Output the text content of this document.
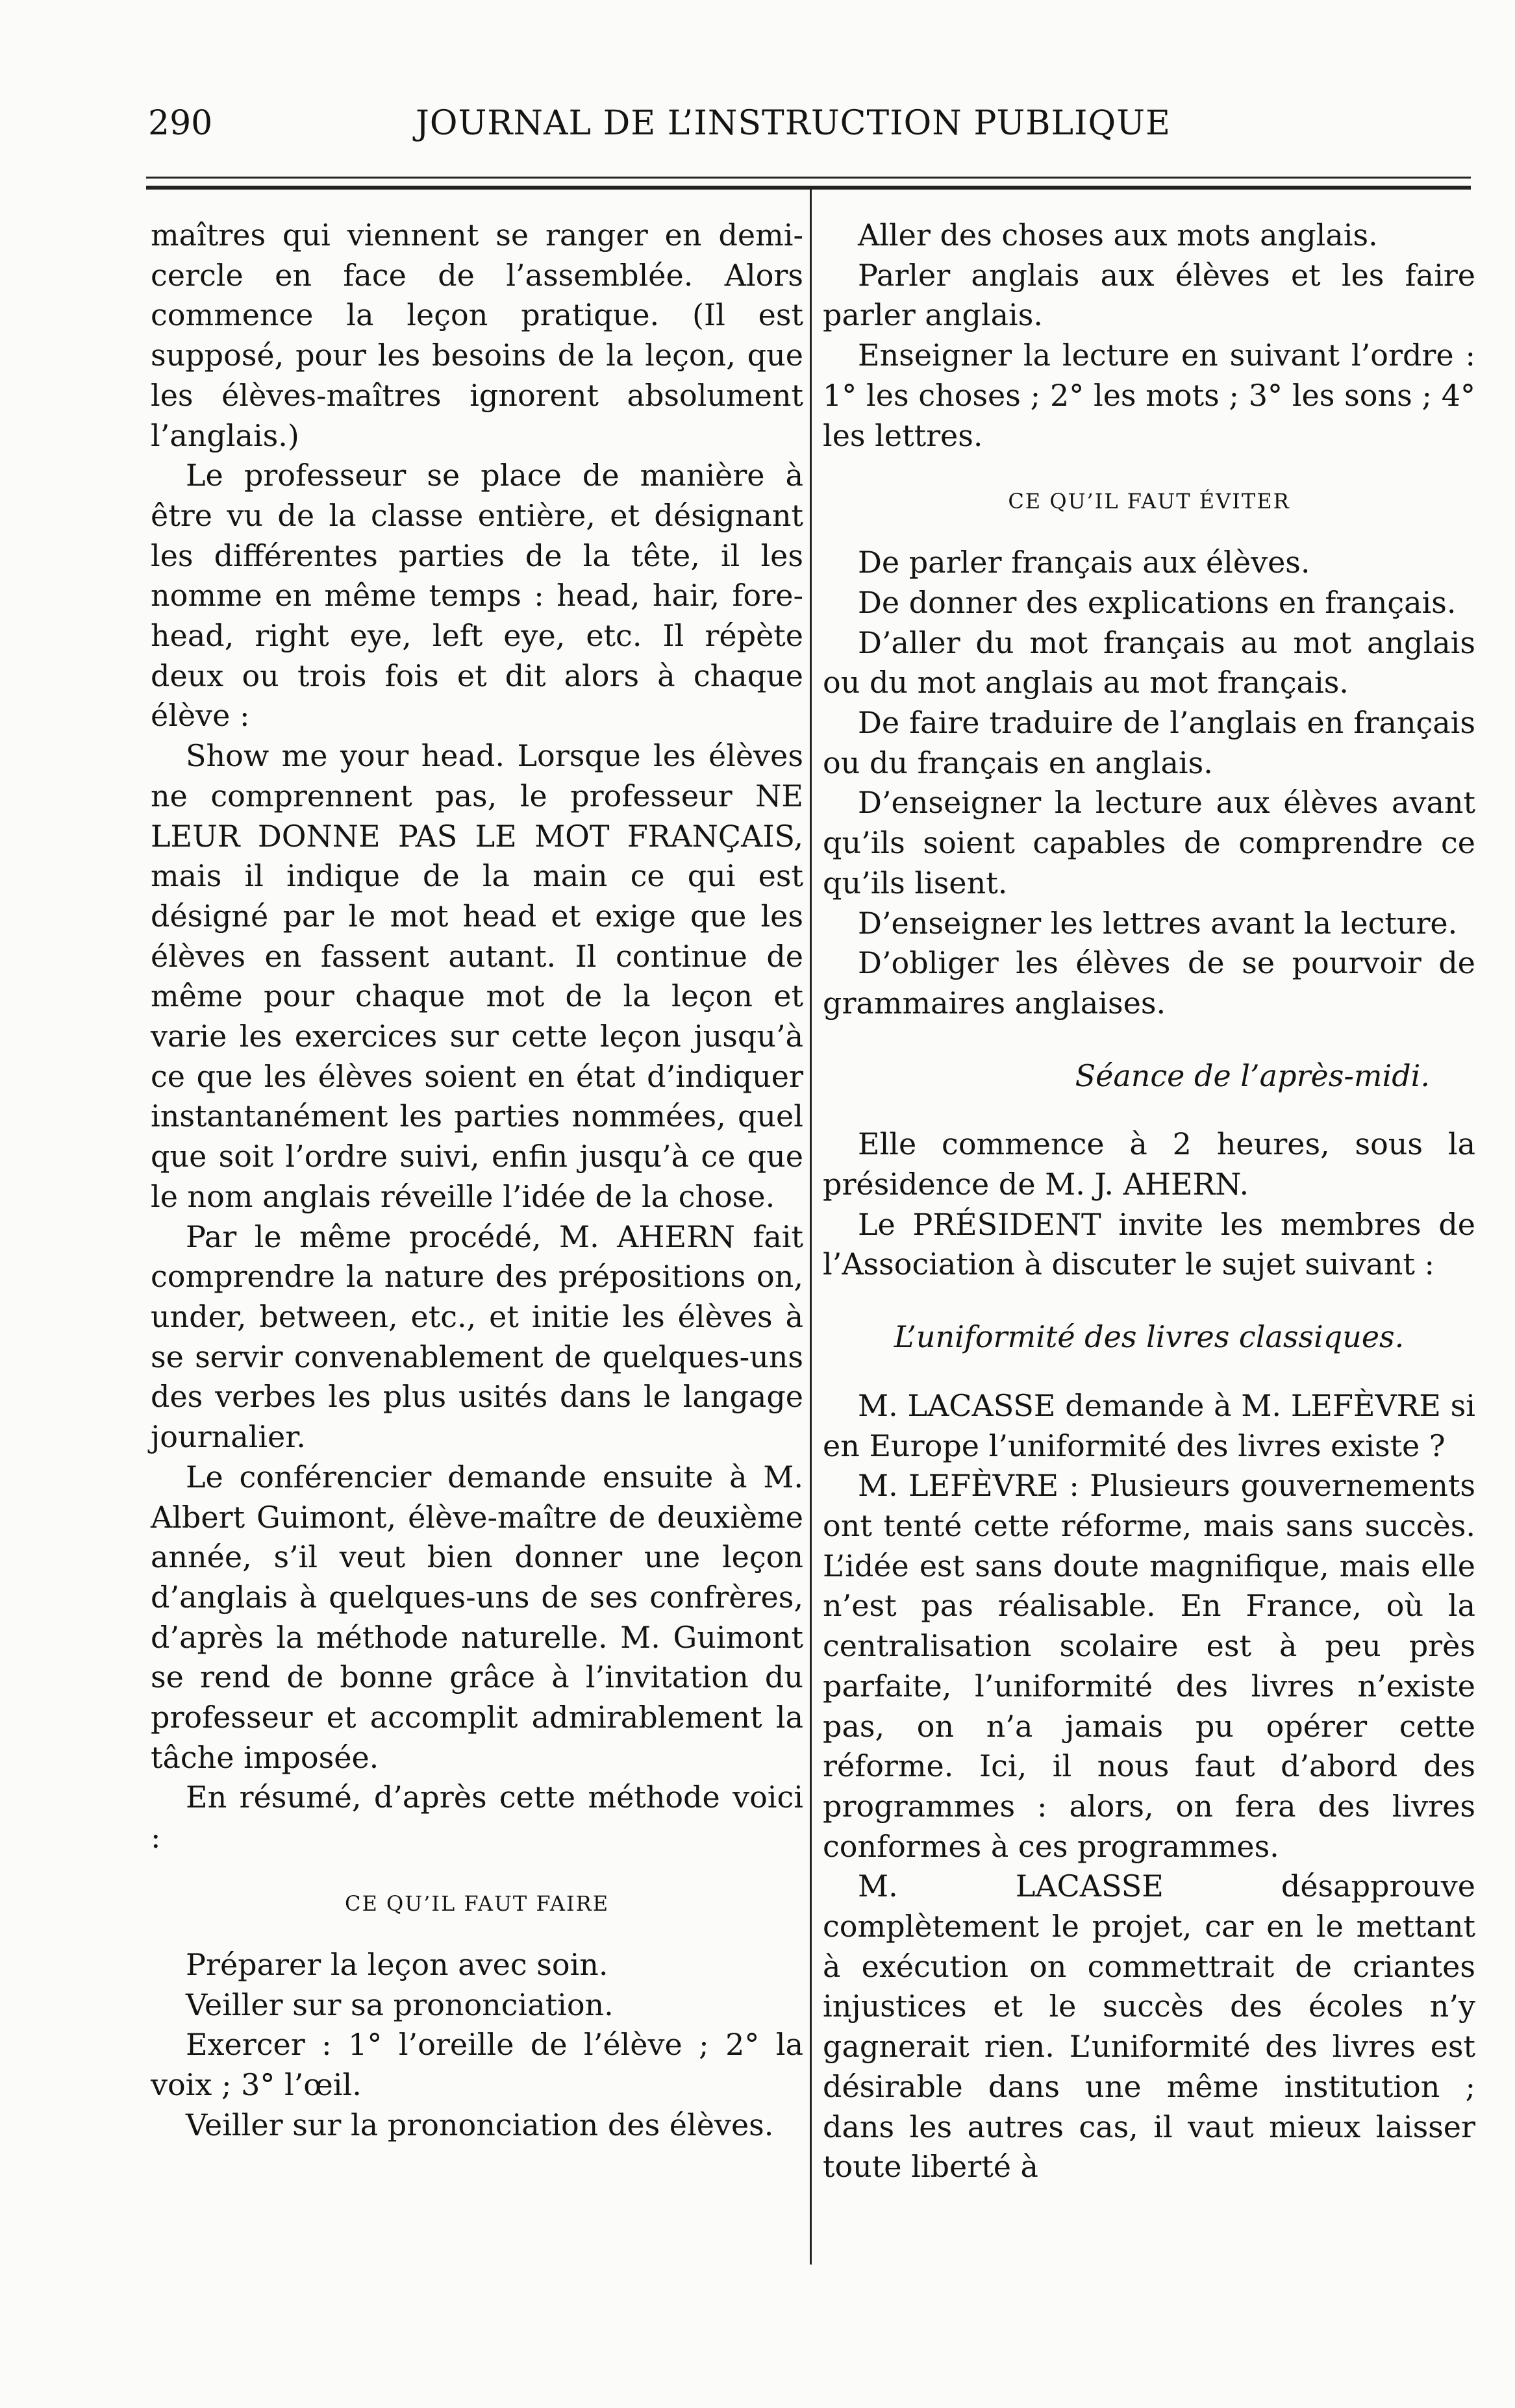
290	JOURNAL DE L’INSTRUCTION PUBLIQUE

maîtres qui viennent se ranger en demi-cercle en face de l’assemblée. Alors commence la leçon pratique. (Il est supposé, pour les besoins de la leçon, que les élèves-maîtres ignorent absolument l’anglais.)

Le professeur se place de manière à être vu de la classe entière, et désignant les différentes parties de la tête, il les nomme en même temps : head, hair, fore-head, right eye, left eye, etc. Il répète deux ou trois fois et dit alors à chaque élève :

Show me your head. Lorsque les élèves ne comprennent pas, le professeur NE LEUR DONNE PAS LE MOT FRANÇAIS, mais il indique de la main ce qui est désigné par le mot head et exige que les élèves en fassent autant. Il continue de même pour chaque mot de la leçon et varie les exercices sur cette leçon jusqu’à ce que les élèves soient en état d’indiquer instantanément les parties nommées, quel que soit l’ordre suivi, enfin jusqu’à ce que le nom anglais réveille l’idée de la chose.

Par le même procédé, M. AHERN fait comprendre la nature des prépositions on, under, between, etc., et initie les élèves à se servir convenablement de quelques-uns des verbes les plus usités dans le langage journalier.

Le conférencier demande ensuite à M. Albert Guimont, élève-maître de deuxième année, s’il veut bien donner une leçon d’anglais à quelques-uns de ses confrères, d’après la méthode naturelle. M. Guimont se rend de bonne grâce à l’invitation du professeur et accomplit admirablement la tâche imposée.

En résumé, d’après cette méthode voici :

CE QU’IL FAUT FAIRE

Préparer la leçon avec soin.

Veiller sur sa prononciation.

Exercer : 1° l’oreille de l’élève ; 2° la voix ; 3° l’œil.

Veiller sur la prononciation des élèves.

Aller des choses aux mots anglais.

Parler anglais aux élèves et les faire parler anglais.

Enseigner la lecture en suivant l’ordre : 1° les choses ; 2° les mots ; 3° les sons ; 4° les lettres.

CE QU’IL FAUT ÉVITER

De parler français aux élèves.

De donner des explications en français.

D’aller du mot français au mot anglais ou du mot anglais au mot français.

De faire traduire de l’anglais en français ou du français en anglais.

D’enseigner la lecture aux élèves avant qu’ils soient capables de comprendre ce qu’ils lisent.

D’enseigner les lettres avant la lecture.

D’obliger les élèves de se pourvoir de grammaires anglaises.

Séance de l’après-midi.

Elle commence à 2 heures, sous la présidence de M. J. AHERN.

Le PRÉSIDENT invite les membres de l’Association à discuter le sujet suivant :

L’uniformité des livres classiques.

M. LACASSE demande à M. LEFÈVRE si en Europe l’uniformité des livres existe ?

M. LEFÈVRE : Plusieurs gouvernements ont tenté cette réforme, mais sans succès. L’idée est sans doute magnifique, mais elle n’est pas réalisable. En France, où la centralisation scolaire est à peu près parfaite, l’uniformité des livres n’existe pas, on n’a jamais pu opérer cette réforme. Ici, il nous faut d’abord des programmes : alors, on fera des livres conformes à ces programmes.

M. LACASSE désapprouve complètement le projet, car en le mettant à exécution on commettrait de criantes injustices et le succès des écoles n’y gagnerait rien. L’uniformité des livres est désirable dans une même institution ; dans les autres cas, il vaut mieux laisser toute liberté à
